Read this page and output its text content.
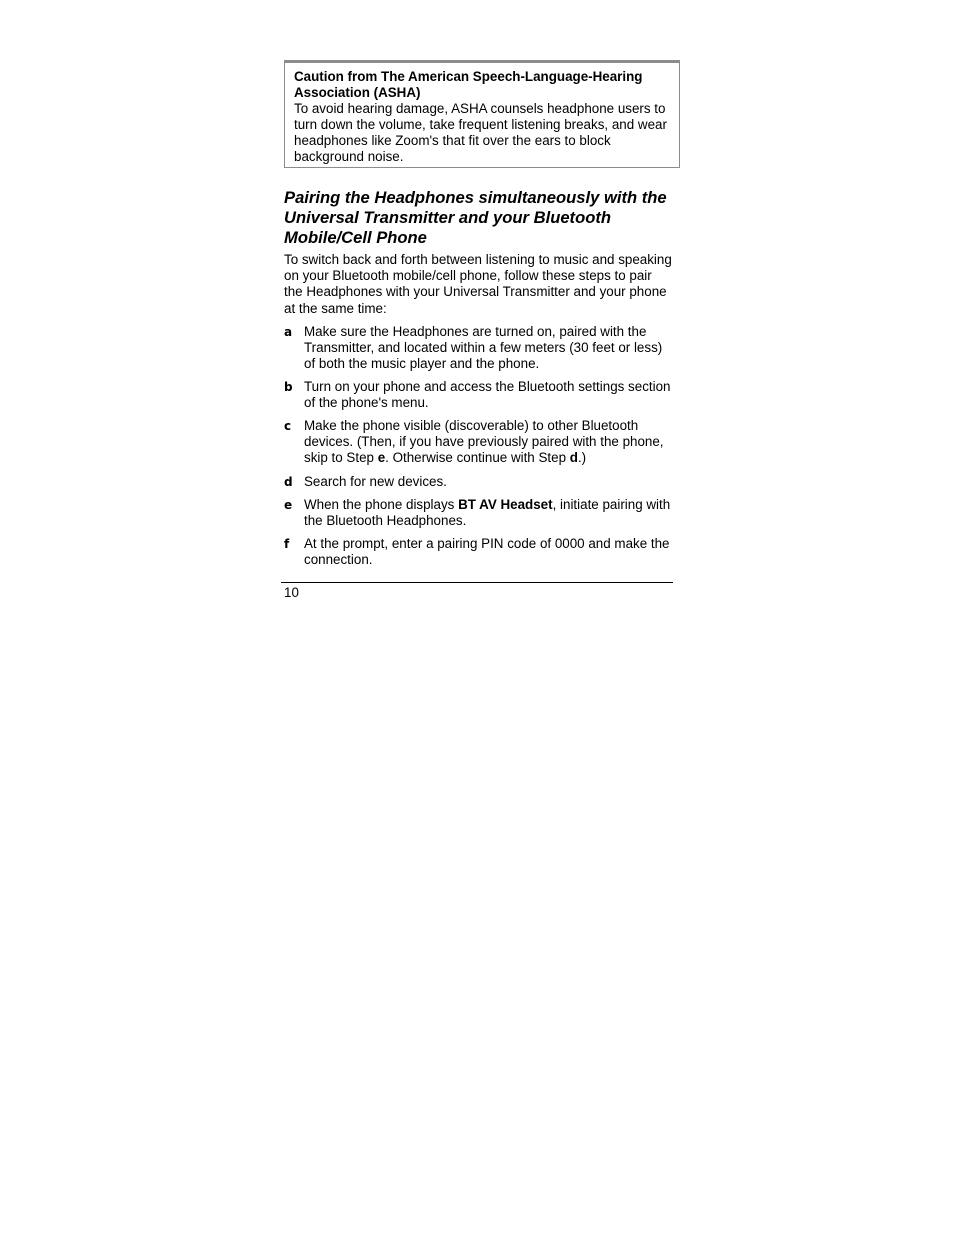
Caution from The American Speech-Language-Hearing Association (ASHA)
To avoid hearing damage, ASHA counsels headphone users to turn down the volume, take frequent listening breaks, and wear headphones like Zoom's that fit over the ears to block background noise.
Pairing the Headphones simultaneously with the Universal Transmitter and your Bluetooth Mobile/Cell Phone

To switch back and forth between listening to music and speaking on your Bluetooth mobile/cell phone, follow these steps to pair the Headphones with your Universal Transmitter and your phone at the same time:

a Make sure the Headphones are turned on, paired with the Transmitter, and located within a few meters (30 feet or less) of both the music player and the phone.
b Turn on your phone and access the Bluetooth settings section of the phone's menu.
c Make the phone visible (discoverable) to other Bluetooth devices. (Then, if you have previously paired with the phone, skip to Step e. Otherwise continue with Step d.)
d Search for new devices.
e When the phone displays BT AV Headset, initiate pairing with the Bluetooth Headphones.
f At the prompt, enter a pairing PIN code of 0000 and make the connection.
10
